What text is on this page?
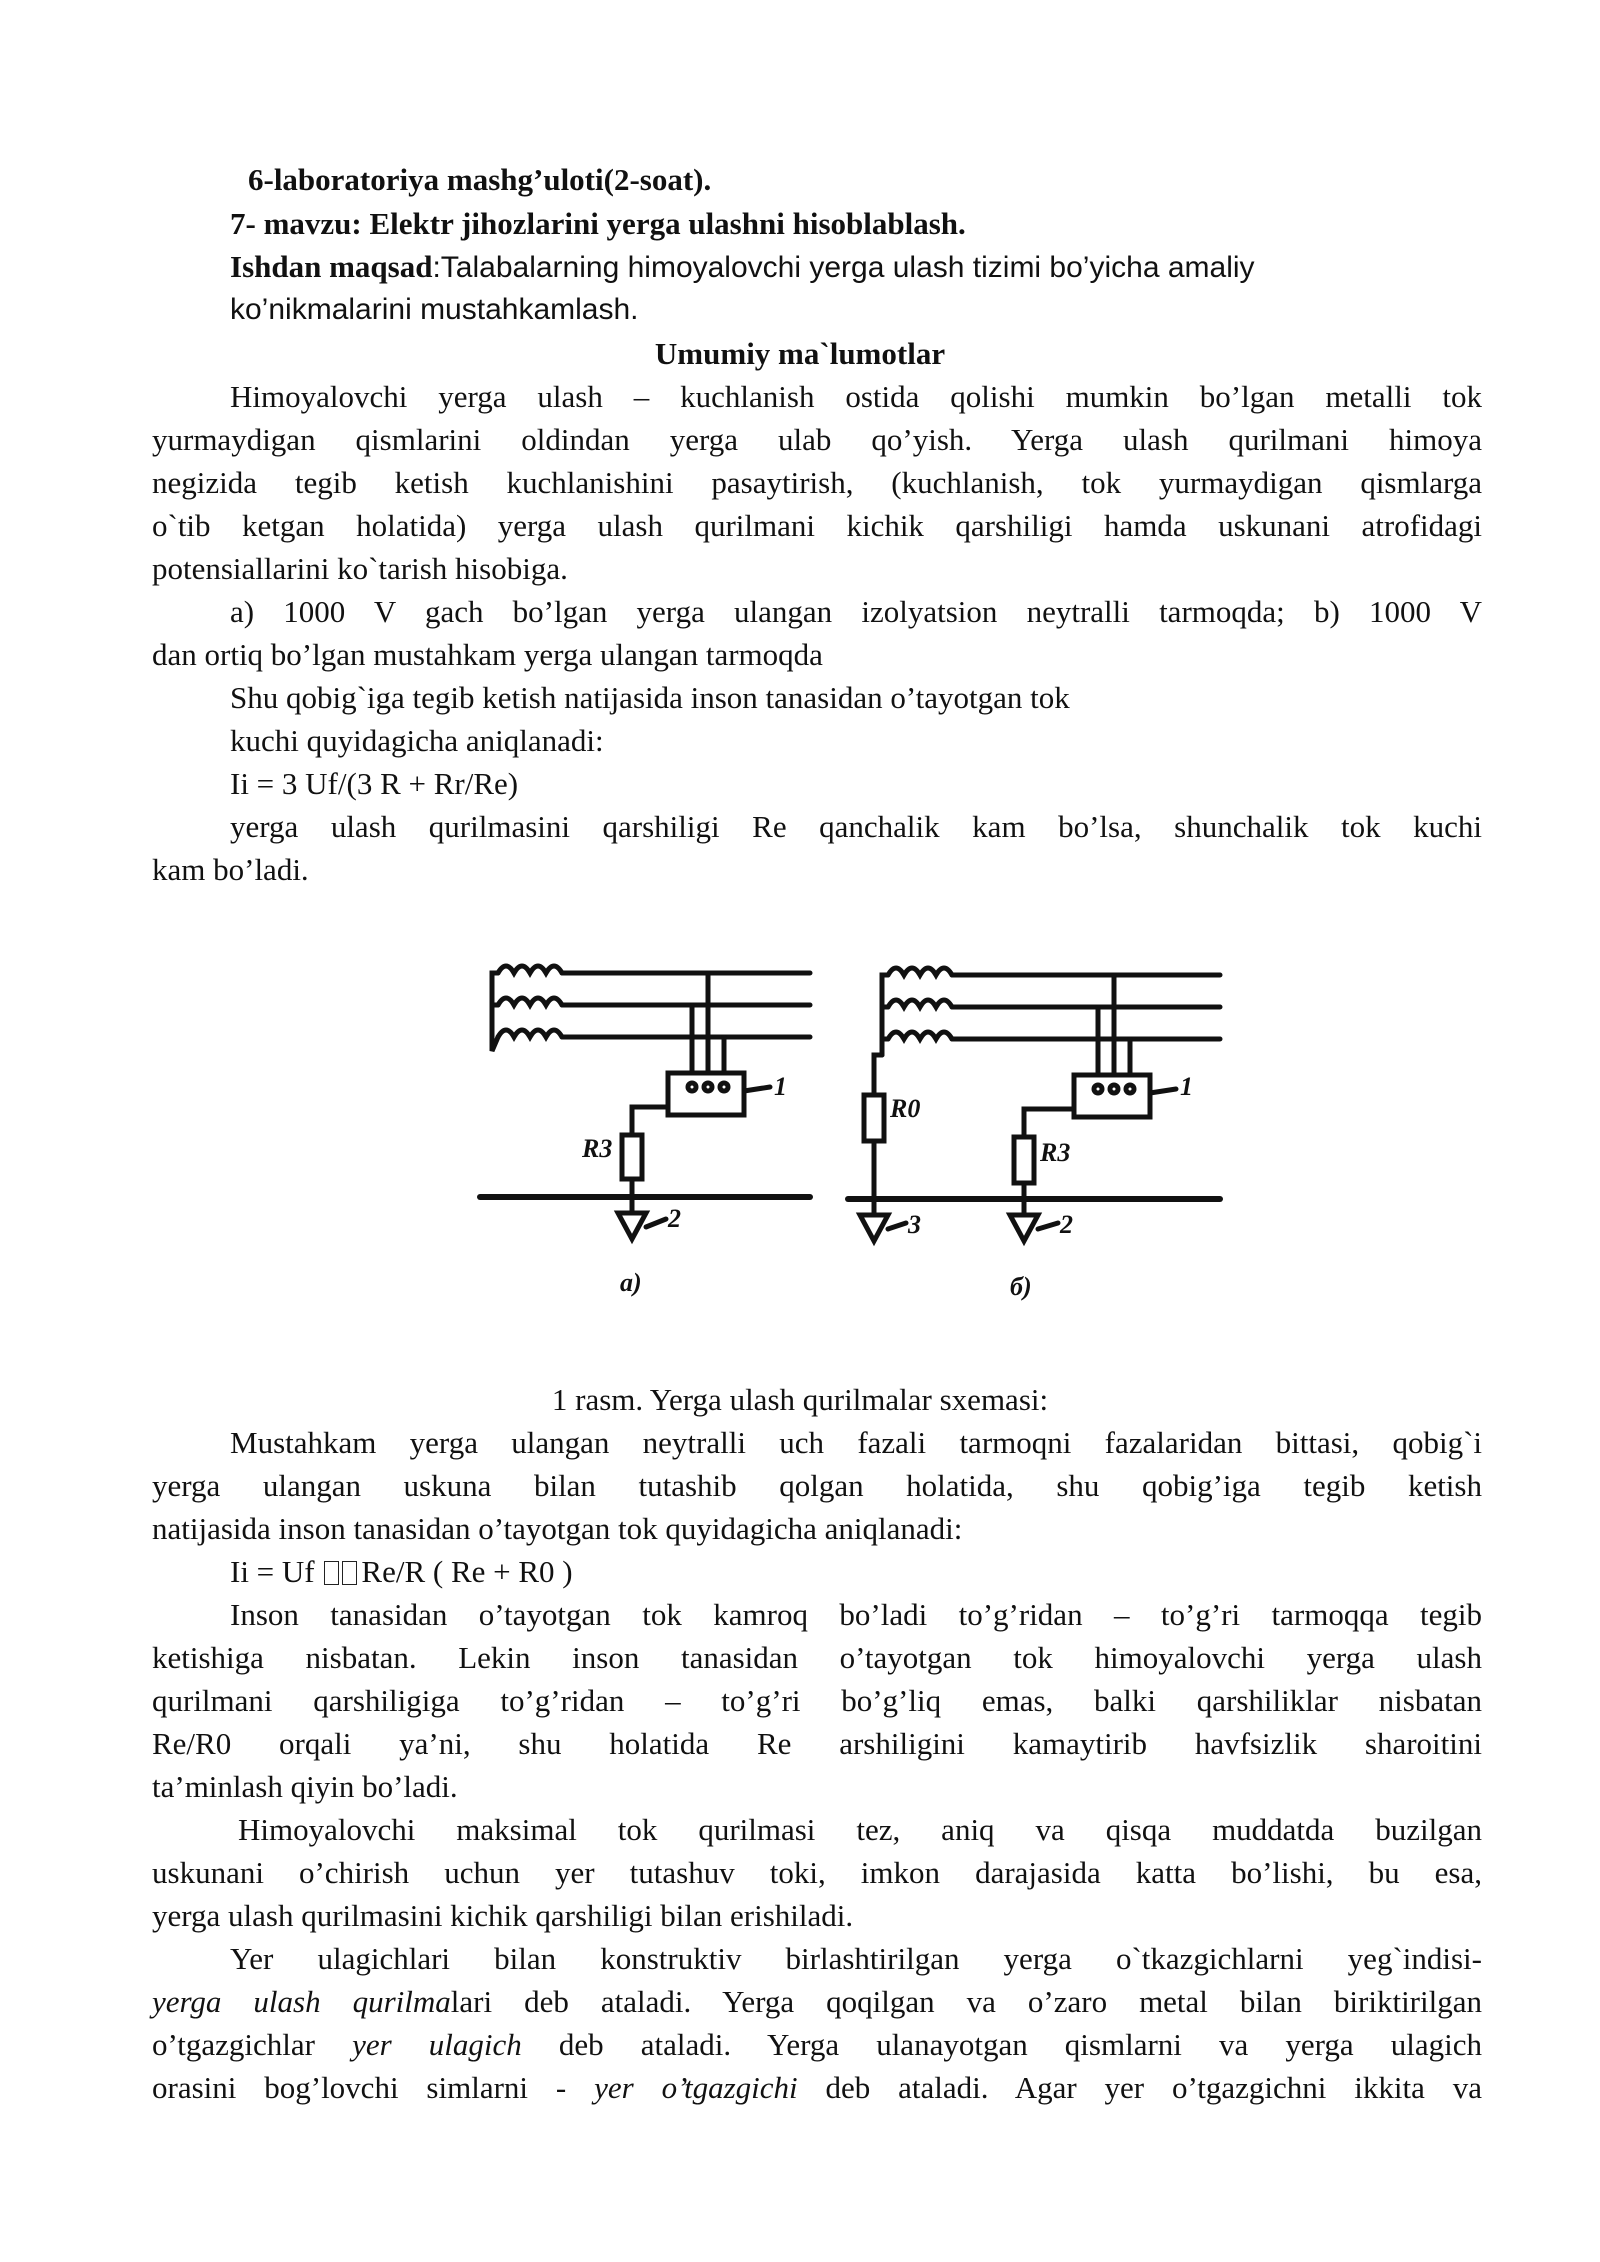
6-laboratoriya mashg’uloti(2-soat).
7- mavzu: Elektr jihozlarini yerga ulashni hisoblablash.
Ishdan maqsad:Talabalarning himoyalovchi yerga ulash tizimi bo’yicha amaliy
ko’nikmalarini mustahkamlash.
Umumiy ma`lumotlar
Himoyalovchi yerga ulash – kuchlanish ostida qolishi mumkin bo’lgan metalli tok
yurmaydigan qismlarini oldindan yerga ulab qo’yish. Yerga ulash qurilmani himoya
negizida tegib ketish kuchlanishini pasaytirish, (kuchlanish, tok yurmaydigan qismlarga
o`tib ketgan holatida) yerga ulash qurilmani kichik qarshiligi hamda uskunani atrofidagi
potensiallarini ko`tarish hisobiga.
a) 1000 V gach bo’lgan yerga ulangan izolyatsion neytralli tarmoqda; b) 1000 V
dan ortiq bo’lgan mustahkam yerga ulangan tarmoqda
Shu qobig`iga tegib ketish natijasida inson tanasidan o’tayotgan tok
kuchi quyidagicha aniqlanadi:
Ii = 3 Uf/(3 R + Rr/Re)
yerga ulash qurilmasini qarshiligi Re qanchalik kam bo’lsa, shunchalik tok kuchi
kam bo’ladi.
R3
1
2
a)
R0
R3
1
3	2
б)
1 rasm. Yerga ulash qurilmalar sxemasi:
Mustahkam yerga ulangan neytralli uch fazali tarmoqni fazalaridan bittasi, qobig`i
yerga ulangan uskuna bilan tutashib qolgan holatida, shu qobig’iga tegib ketish
natijasida inson tanasidan o’tayotgan tok quyidagicha aniqlanadi:
Ii = Uf Re/R ( Re + R0 )
Inson tanasidan o’tayotgan tok kamroq bo’ladi to’g’ridan – to’g’ri tarmoqqa tegib
ketishiga nisbatan. Lekin inson tanasidan o’tayotgan tok himoyalovchi yerga ulash
qurilmani qarshiligiga to’g’ridan – to’g’ri bo’g’liq emas, balki qarshiliklar nisbatan
Re/R0 orqali ya’ni, shu holatida Re arshiligini kamaytirib havfsizlik sharoitini
ta’minlash qiyin bo’ladi.
Himoyalovchi maksimal tok qurilmasi tez, aniq va qisqa muddatda buzilgan
uskunani o’chirish uchun yer tutashuv toki, imkon darajasida katta bo’lishi, bu esa,
yerga ulash qurilmasini kichik qarshiligi bilan erishiladi.
Yer ulagichlari bilan konstruktiv birlashtirilgan yerga o`tkazgichlarni yeg`indisi-
yerga ulash qurilmalari deb ataladi. Yerga qoqilgan va o’zaro metal bilan biriktirilgan
o’tgazgichlar yer ulagich deb ataladi. Yerga ulanayotgan qismlarni va yerga ulagich
orasini bog’lovchi simlarni - yer o’tgazgichi deb ataladi. Agar yer o’tgazgichni ikkita va
